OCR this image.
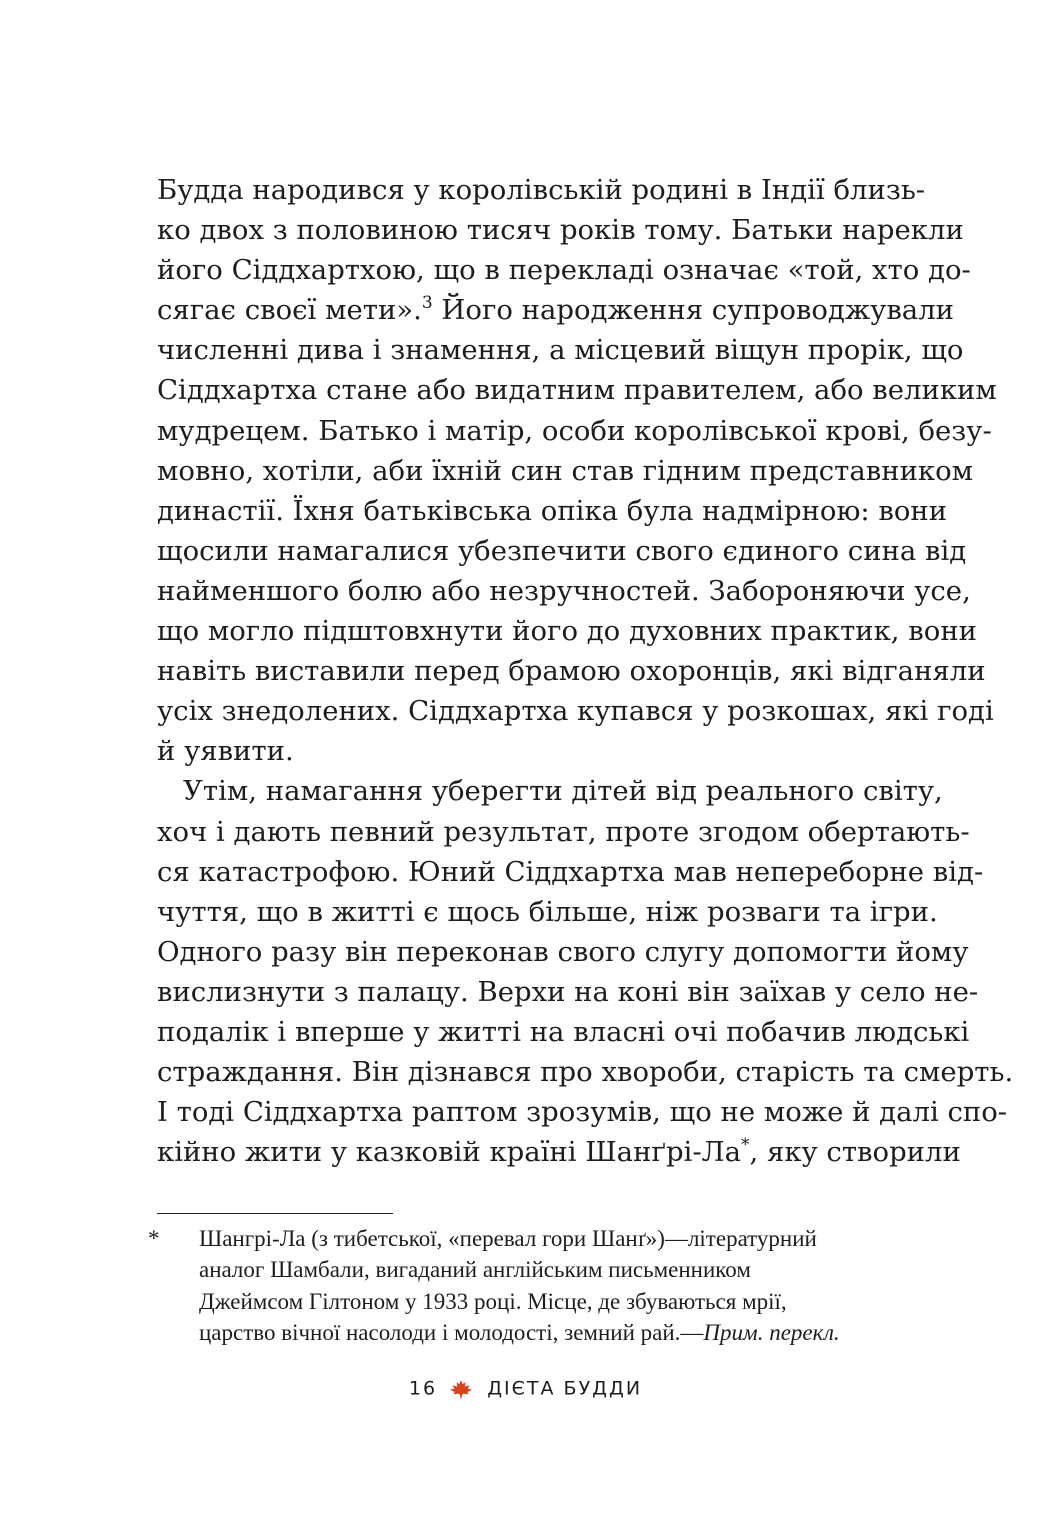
Будда народився у королівській родині в Індії близь-
ко двох з половиною тисяч років тому. Батьки нарекли
його Сіддхартхою, що в перекладі означає «той, хто до-
сягає своєї мети».$^3$ Його народження супроводжували
численні дива і знамення, а місцевий віщун прорік, що
Сіддхартха стане або видатним правителем, або великим
мудрецем. Батько і матір, особи королівської крові, безу-
мовно, хотіли, аби їхній син став гідним представником
династії. Їхня батьківська опіка була надмірною: вони
щосили намагалися убезпечити свого єдиного сина від
найменшого болю або незручностей. Забороняючи усе,
що могло підштовхнути його до духовних практик, вони
навіть виставили перед брамою охоронців, які відганяли
усіх знедолених. Сіддхартха купався у розкошах, які годі
й уявити.
Утім, намагання уберегти дітей від реального світу,
хоч і дають певний результат, проте згодом обертають-
ся катастрофою. Юний Сіддхартха мав непереборне від-
чуття, що в житті є щось більше, ніж розваги та ігри.
Одного разу він переконав свого слугу допомогти йому
вислизнути з палацу. Верхи на коні він заїхав у село не-
подалік і вперше у житті на власні очі побачив людські
страждання. Він дізнався про хвороби, старість та смерть.
І тоді Сіддхартха раптом зрозумів, що не може й далі спо-
кійно жити у казковій країні Шанґрі-Ла*, яку створили
* Шангрі-Ла (з тибетської, «перевал гори Шанґ»)—літературний
аналог Шамбали, вигаданий англійським письменником
Джеймсом Гілтоном у 1933 році. Місце, де збуваються мрії,
царство вічної насолоди і молодості, земний рай.—Прим. перекл.
16	ДІЄТА БУДДИ
